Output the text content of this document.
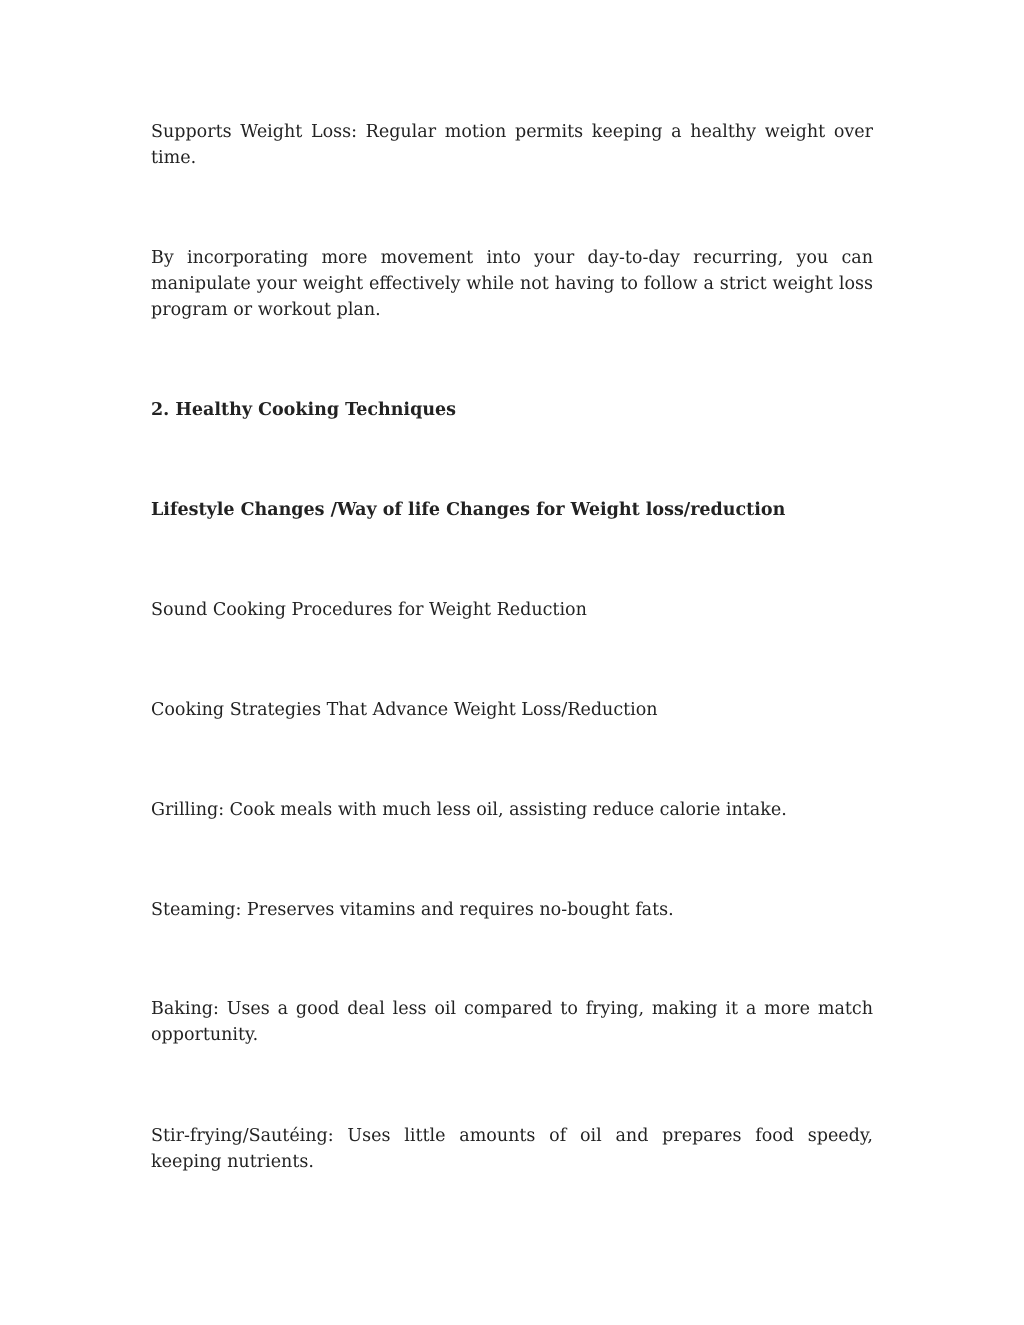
Supports Weight Loss: Regular motion permits keeping a healthy weight over time.

By incorporating more movement into your day-to-day recurring, you can manipulate your weight effectively while not having to follow a strict weight loss program or workout plan.

2. Healthy Cooking Techniques

Lifestyle Changes /Way of life Changes for Weight loss/reduction

Sound Cooking Procedures for Weight Reduction

Cooking Strategies That Advance Weight Loss/Reduction

Grilling: Cook meals with much less oil, assisting reduce calorie intake.

Steaming: Preserves vitamins and requires no-bought fats.

Baking: Uses a good deal less oil compared to frying, making it a more match opportunity.

Stir-frying/Sautéing: Uses little amounts of oil and prepares food speedy, keeping nutrients.
